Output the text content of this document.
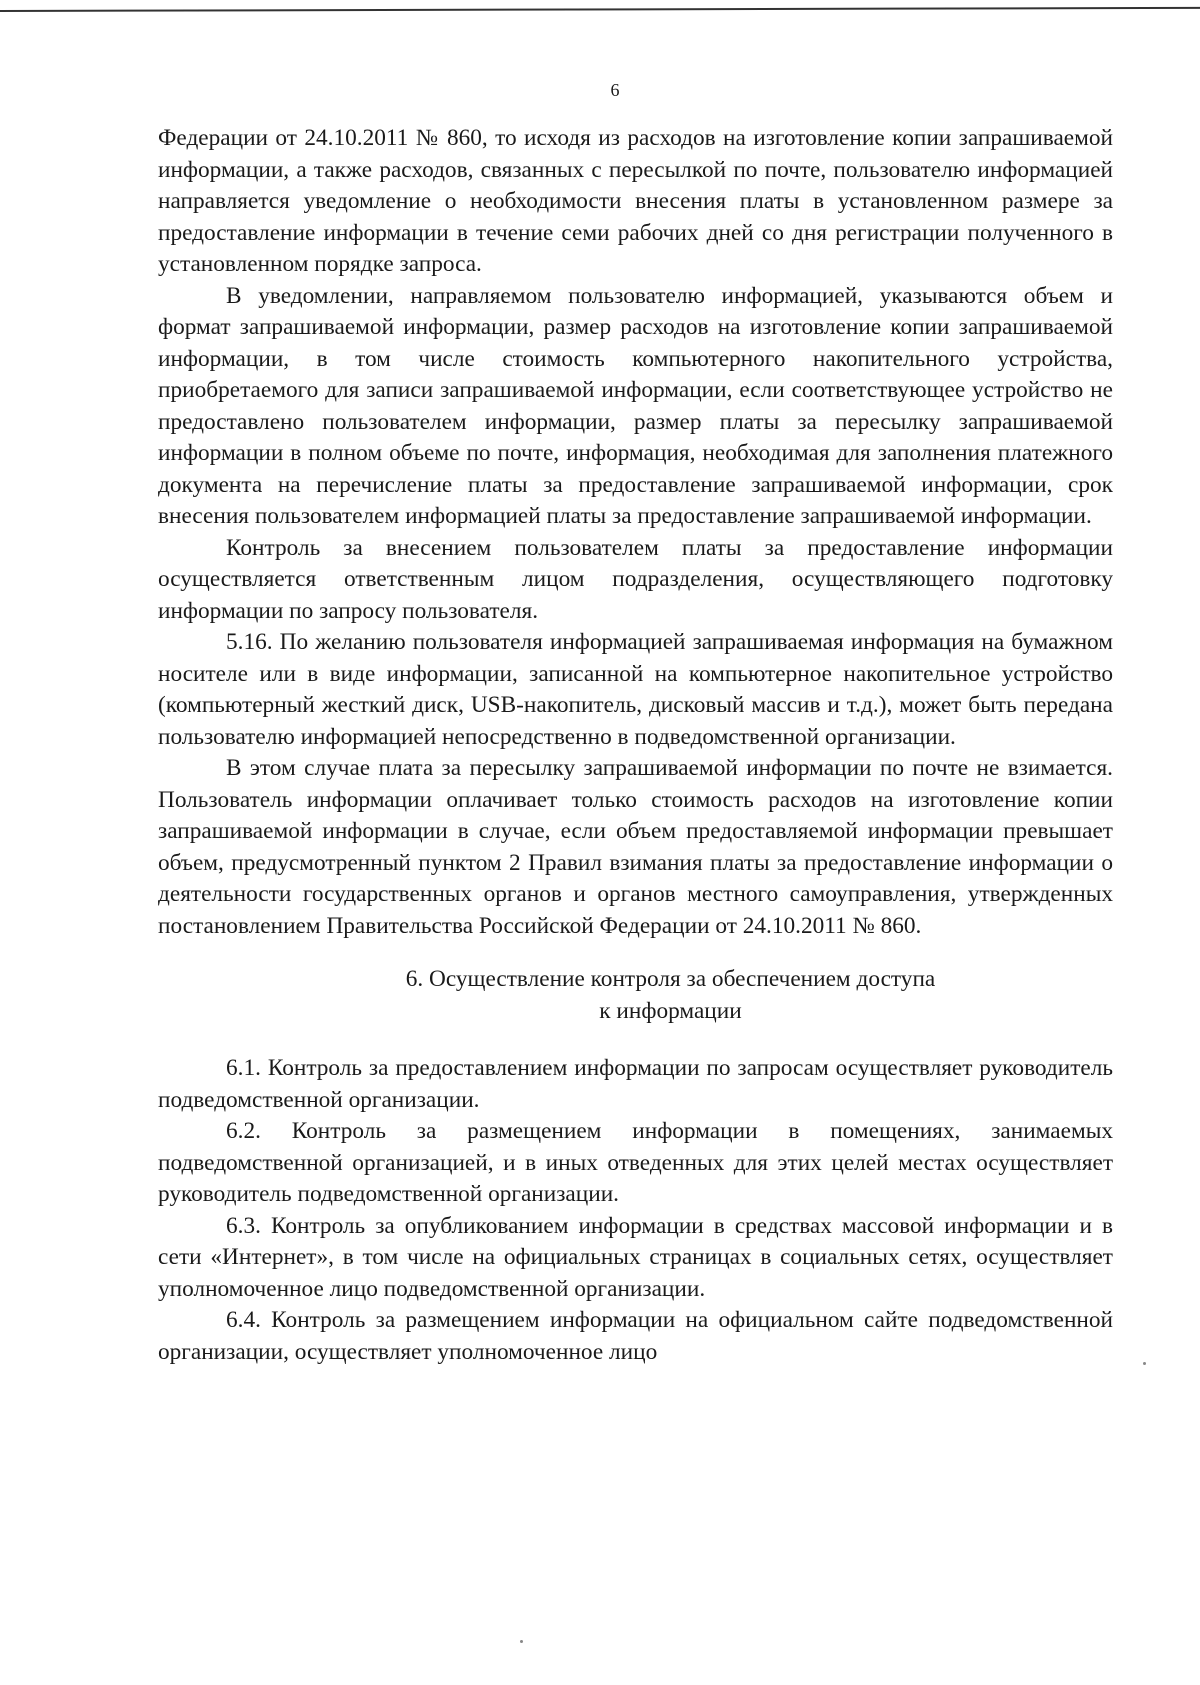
6

Федерации от 24.10.2011 № 860, то исходя из расходов на изготовление копии запрашиваемой информации, а также расходов, связанных с пересылкой по почте, пользователю информацией направляется уведомление о необходимости внесения платы в установленном размере за предоставление информации в течение семи рабочих дней со дня регистрации полученного в установленном порядке запроса.

В уведомлении, направляемом пользователю информацией, указываются объем и формат запрашиваемой информации, размер расходов на изготовление копии запрашиваемой информации, в том числе стоимость компьютерного накопительного устройства, приобретаемого для записи запрашиваемой информации, если соответствующее устройство не предоставлено пользователем информации, размер платы за пересылку запрашиваемой информации в полном объеме по почте, информация, необходимая для заполнения платежного документа на перечисление платы за предоставление запрашиваемой информации, срок внесения пользователем информацией платы за предоставление запрашиваемой информации.

Контроль за внесением пользователем платы за предоставление информации осуществляется ответственным лицом подразделения, осуществляющего подготовку информации по запросу пользователя.

5.16. По желанию пользователя информацией запрашиваемая информация на бумажном носителе или в виде информации, записанной на компьютерное накопительное устройство (компьютерный жесткий диск, USB-накопитель, дисковый массив и т.д.), может быть передана пользователю информацией непосредственно в подведомственной организации.

В этом случае плата за пересылку запрашиваемой информации по почте не взимается. Пользователь информации оплачивает только стоимость расходов на изготовление копии запрашиваемой информации в случае, если объем предоставляемой информации превышает объем, предусмотренный пунктом 2 Правил взимания платы за предоставление информации о деятельности государственных органов и органов местного самоуправления, утвержденных постановлением Правительства Российской Федерации от 24.10.2011 № 860.

6. Осуществление контроля за обеспечением доступа
к информации

6.1. Контроль за предоставлением информации по запросам осуществляет руководитель подведомственной организации.

6.2. Контроль за размещением информации в помещениях, занимаемых подведомственной организацией, и в иных отведенных для этих целей местах осуществляет руководитель подведомственной организации.

6.3. Контроль за опубликованием информации в средствах массовой информации и в сети «Интернет», в том числе на официальных страницах в социальных сетях, осуществляет уполномоченное лицо подведомственной организации.

6.4. Контроль за размещением информации на официальном сайте подведомственной организации, осуществляет уполномоченное лицо
